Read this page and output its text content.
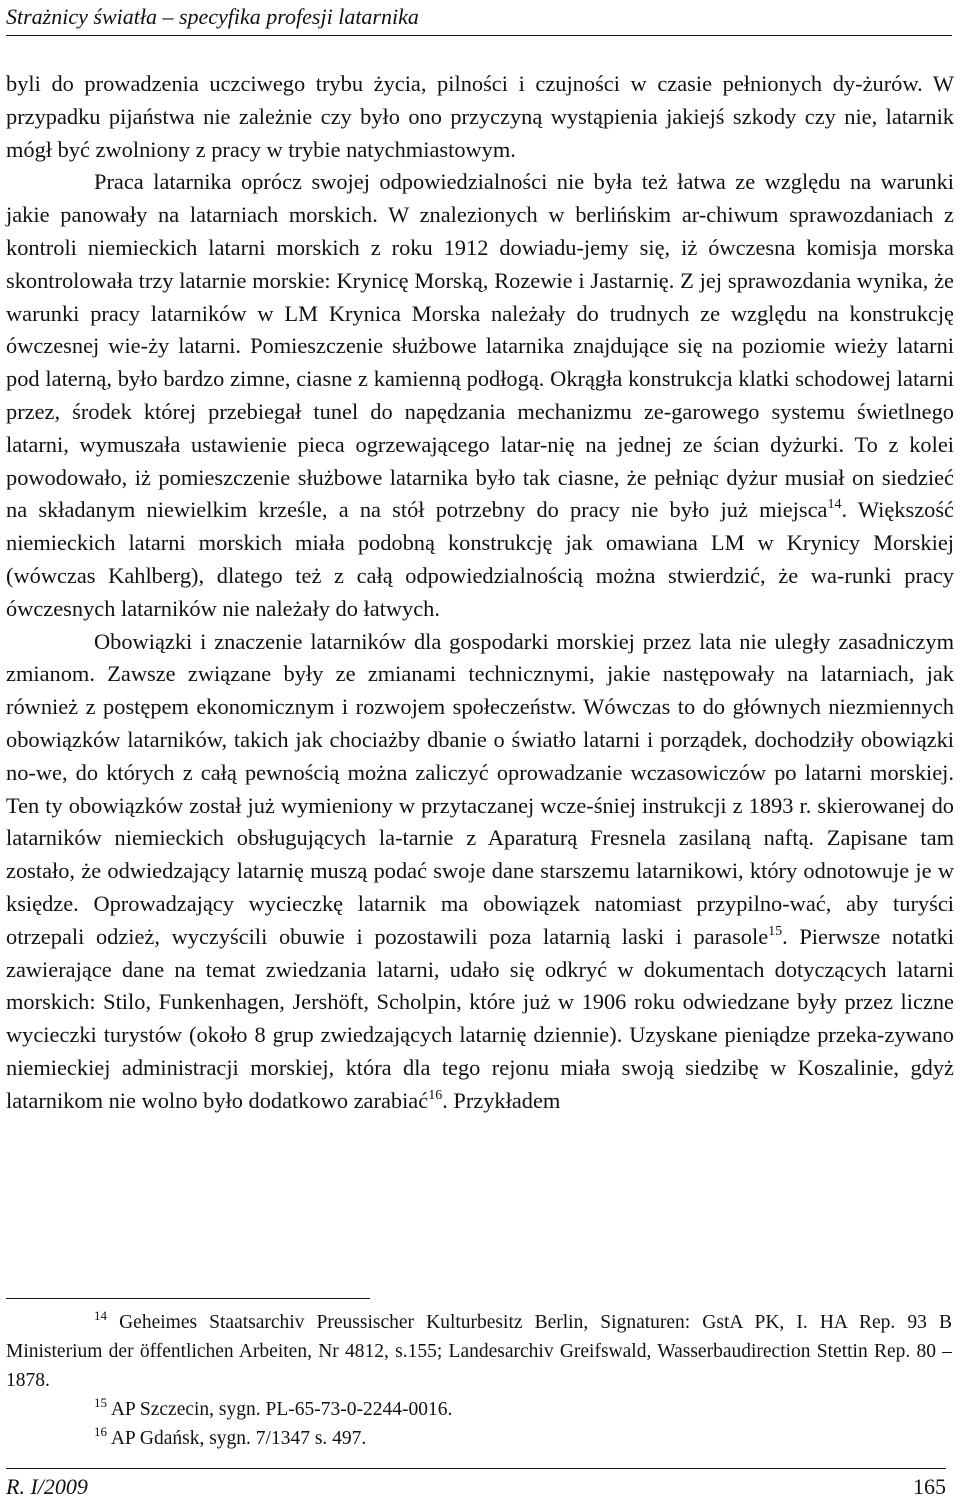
Strażnicy światła – specyfika profesji latarnika

byli do prowadzenia uczciwego trybu życia, pilności i czujności w czasie pełnionych dy-żurów. W przypadku pijaństwa nie zależnie czy było ono przyczyną wystąpienia jakiejś szkody czy nie, latarnik mógł być zwolniony z pracy w trybie natychmiastowym.

Praca latarnika oprócz swojej odpowiedzialności nie była też łatwa ze względu na warunki jakie panowały na latarniach morskich. W znalezionych w berlińskim ar-chiwum sprawozdaniach z kontroli niemieckich latarni morskich z roku 1912 dowiadu-jemy się, iż ówczesna komisja morska skontrolowała trzy latarnie morskie: Krynicę Morską, Rozewie i Jastarnię. Z jej sprawozdania wynika, że warunki pracy latarników w LM Krynica Morska należały do trudnych ze względu na konstrukcję ówczesnej wie-ży latarni. Pomieszczenie służbowe latarnika znajdujące się na poziomie wieży latarni pod laterną, było bardzo zimne, ciasne z kamienną podłogą. Okrągła konstrukcja klatki schodowej latarni przez, środek której przebiegał tunel do napędzania mechanizmu ze-garowego systemu świetlnego latarni, wymuszała ustawienie pieca ogrzewającego latar-nię na jednej ze ścian dyżurki. To z kolei powodowało, iż pomieszczenie służbowe latarnika było tak ciasne, że pełniąc dyżur musiał on siedzieć na składanym niewielkim krześle, a na stół potrzebny do pracy nie było już miejsca$^{14}$. Większość niemieckich latarni morskich miała podobną konstrukcję jak omawiana LM w Krynicy Morskiej (wówczas Kahlberg), dlatego też z całą odpowiedzialnością można stwierdzić, że wa-runki pracy ówczesnych latarników nie należały do łatwych.

Obowiązki i znaczenie latarników dla gospodarki morskiej przez lata nie uległy zasadniczym zmianom. Zawsze związane były ze zmianami technicznymi, jakie następowały na latarniach, jak również z postępem ekonomicznym i rozwojem społeczeństw. Wówczas to do głównych niezmiennych obowiązków latarników, takich jak chociażby dbanie o światło latarni i porządek, dochodziły obowiązki no-we, do których z całą pewnością można zaliczyć oprowadzanie wczasowiczów po latarni morskiej. Ten ty obowiązków został już wymieniony w przytaczanej wcze-śniej instrukcji z 1893 r. skierowanej do latarników niemieckich obsługujących la-tarnie z Aparaturą Fresnela zasilaną naftą. Zapisane tam zostało, że odwiedzający latarnię muszą podać swoje dane starszemu latarnikowi, który odnotowuje je w księdze. Oprowadzający wycieczkę latarnik ma obowiązek natomiast przypilno-wać, aby turyści otrzepali odzież, wyczyścili obuwie i pozostawili poza latarnią laski i parasole$^{15}$. Pierwsze notatki zawierające dane na temat zwiedzania latarni, udało się odkryć w dokumentach dotyczących latarni morskich: Stilo, Funkenhagen, Jershöft, Scholpin, które już w 1906 roku odwiedzane były przez liczne wycieczki turystów (około 8 grup zwiedzających latarnię dziennie). Uzyskane pieniądze przeka-zywano niemieckiej administracji morskiej, która dla tego rejonu miała swoją siedzibę w Koszalinie, gdyż latarnikom nie wolno było dodatkowo zarabiać$^{16}$. Przykładem

$^{14}$ Geheimes Staatsarchiv Preussischer Kulturbesitz Berlin, Signaturen: GstA PK, I. HA Rep. 93 B Ministerium der öffentlichen Arbeiten, Nr 4812, s.155; Landesarchiv Greifswald, Wasserbaudirection Stettin Rep. 80 – 1878.

$^{15}$ AP Szczecin, sygn. PL-65-73-0-2244-0016.

$^{16}$ AP Gdańsk, sygn. 7/1347 s. 497.

R. I/2009	165
